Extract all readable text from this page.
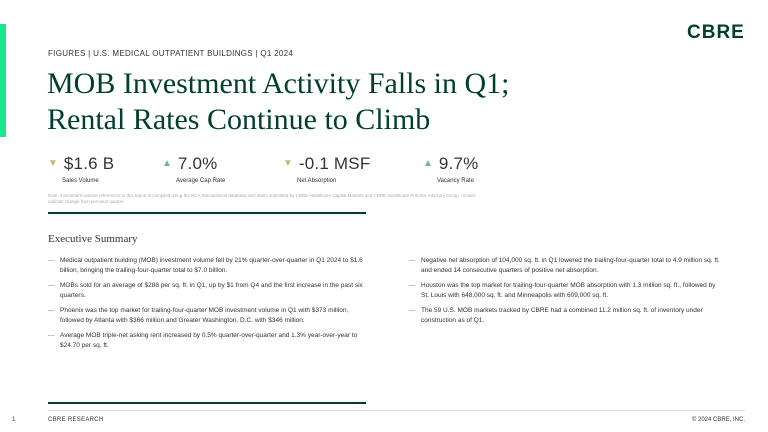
CBRE
FIGURES | U.S. MEDICAL OUTPATIENT BUILDINGS | Q1 2024
MOB Investment Activity Falls in Q1;
Rental Rates Continue to Climb
▼ $1.6 B
Sales Volume
▲ 7.0%
Average Cap Rate
▼ -0.1 MSF
Net Absorption
▲ 9.7%
Vacancy Rate
Note: Investment volume referenced in this report is compiled using the RCA transactional database and deals submitted by CBRE Healthcare Capital Markets and CBRE Healthcare Practice Advisory Group. Arrows indicate change from previous quarter.
Executive Summary
— Medical outpatient building (MOB) investment volume fell by 21% quarter-over-quarter in Q1 2024 to $1.6 billion, bringing the trailing-four-quarter total to $7.0 billion.
— MOBs sold for an average of $288 per sq. ft. in Q1, up by $1 from Q4 and the first increase in the past six quarters.
— Phoenix was the top market for trailing-four-quarter MOB investment volume in Q1 with $373 million, followed by Atlanta with $366 million and Greater Washington, D.C. with $346 million.
— Average MOB triple-net asking rent increased by 0.5% quarter-over-quarter and 1.3% year-over-year to $24.70 per sq. ft.
— Negative net absorption of 104,000 sq. ft. in Q1 lowered the trailing-four-quarter total to 4.9 million sq. ft. and ended 14 consecutive quarters of positive net absorption.
— Houston was the top market for trailing-four-quarter MOB absorption with 1.3 million sq. ft., followed by St. Louis with 648,000 sq. ft. and Minneapolis with 609,000 sq. ft.
— The 59 U.S. MOB markets tracked by CBRE had a combined 11.2 million sq. ft. of inventory under construction as of Q1.
1	CBRE RESEARCH	© 2024 CBRE, INC.
